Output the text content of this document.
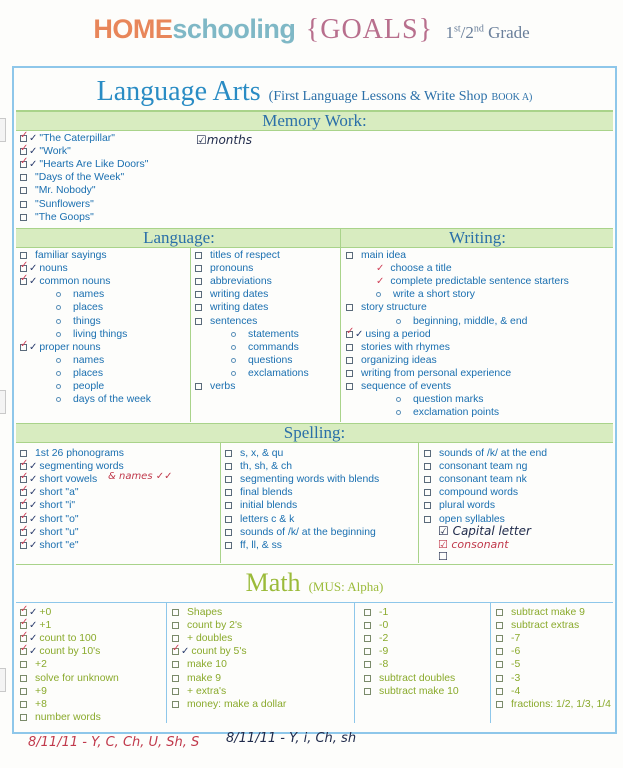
HOMEschooling {GOALS} 1st/2nd Grade
Language Arts (First Language Lessons & Write Shop BOOK A)
Memory Work:
✓
✓ "The Caterpillar"
✓
✓ "Work"
✓
✓ "Hearts Are Like Doors"
"Days of the Week"
"Mr. Nobody"
"Sunflowers"
"The Goops"
☑months
Language:	Writing:
familiar sayings
✓
✓ nouns
✓
✓ common nouns
names
places
things
living things
✓
✓ proper nouns
names
places
people
days of the week
titles of respect
pronouns
abbreviations
writing dates
writing dates
sentences
statements
commands
questions
exclamations
verbs
main idea
✓ choose a title
✓ complete predictable sentence starters
write a short story
story structure
beginning, middle, & end
✓
✓ using a period
stories with rhymes
organizing ideas
writing from personal experience
sequence of events
question marks
exclamation points
Spelling:
1st 26 phonograms
✓
✓ segmenting words
✓
✓ short vowels
✓
✓ short "a"
✓
✓ short "i"
✓
✓ short "o"
✓
✓ short "u"
✓
✓ short "e"
s, x, & qu
th, sh, & ch
segmenting words with blends
final blends
initial blends
letters c & k
sounds of /k/ at the beginning
ff, ll, & ss
sounds of /k/ at the end
consonant team ng
consonant team nk
compound words
plural words
open syllables
& names ✓✓
☑ Capital letter
☑ consonant
☐
Math (MUS: Alpha)
✓
✓ +0
✓
✓ +1
✓
✓ count to 100
✓
✓ count by 10's
+2
solve for unknown
+9
+8
number words
Shapes
count by 2's
+ doubles
✓
✓ count by 5's
make 10
make 9
+ extra's
money: make a dollar
-1
-0
-2
-9
-8
subtract doubles
subtract make 10
subtract make 9
subtract extras
-7
-6
-5
-3
-4
fractions: 1/2, 1/3, 1/4
8/11/11 - Y, C, Ch, U, Sh, S 8/11/11 - Y, i, Ch, sh
